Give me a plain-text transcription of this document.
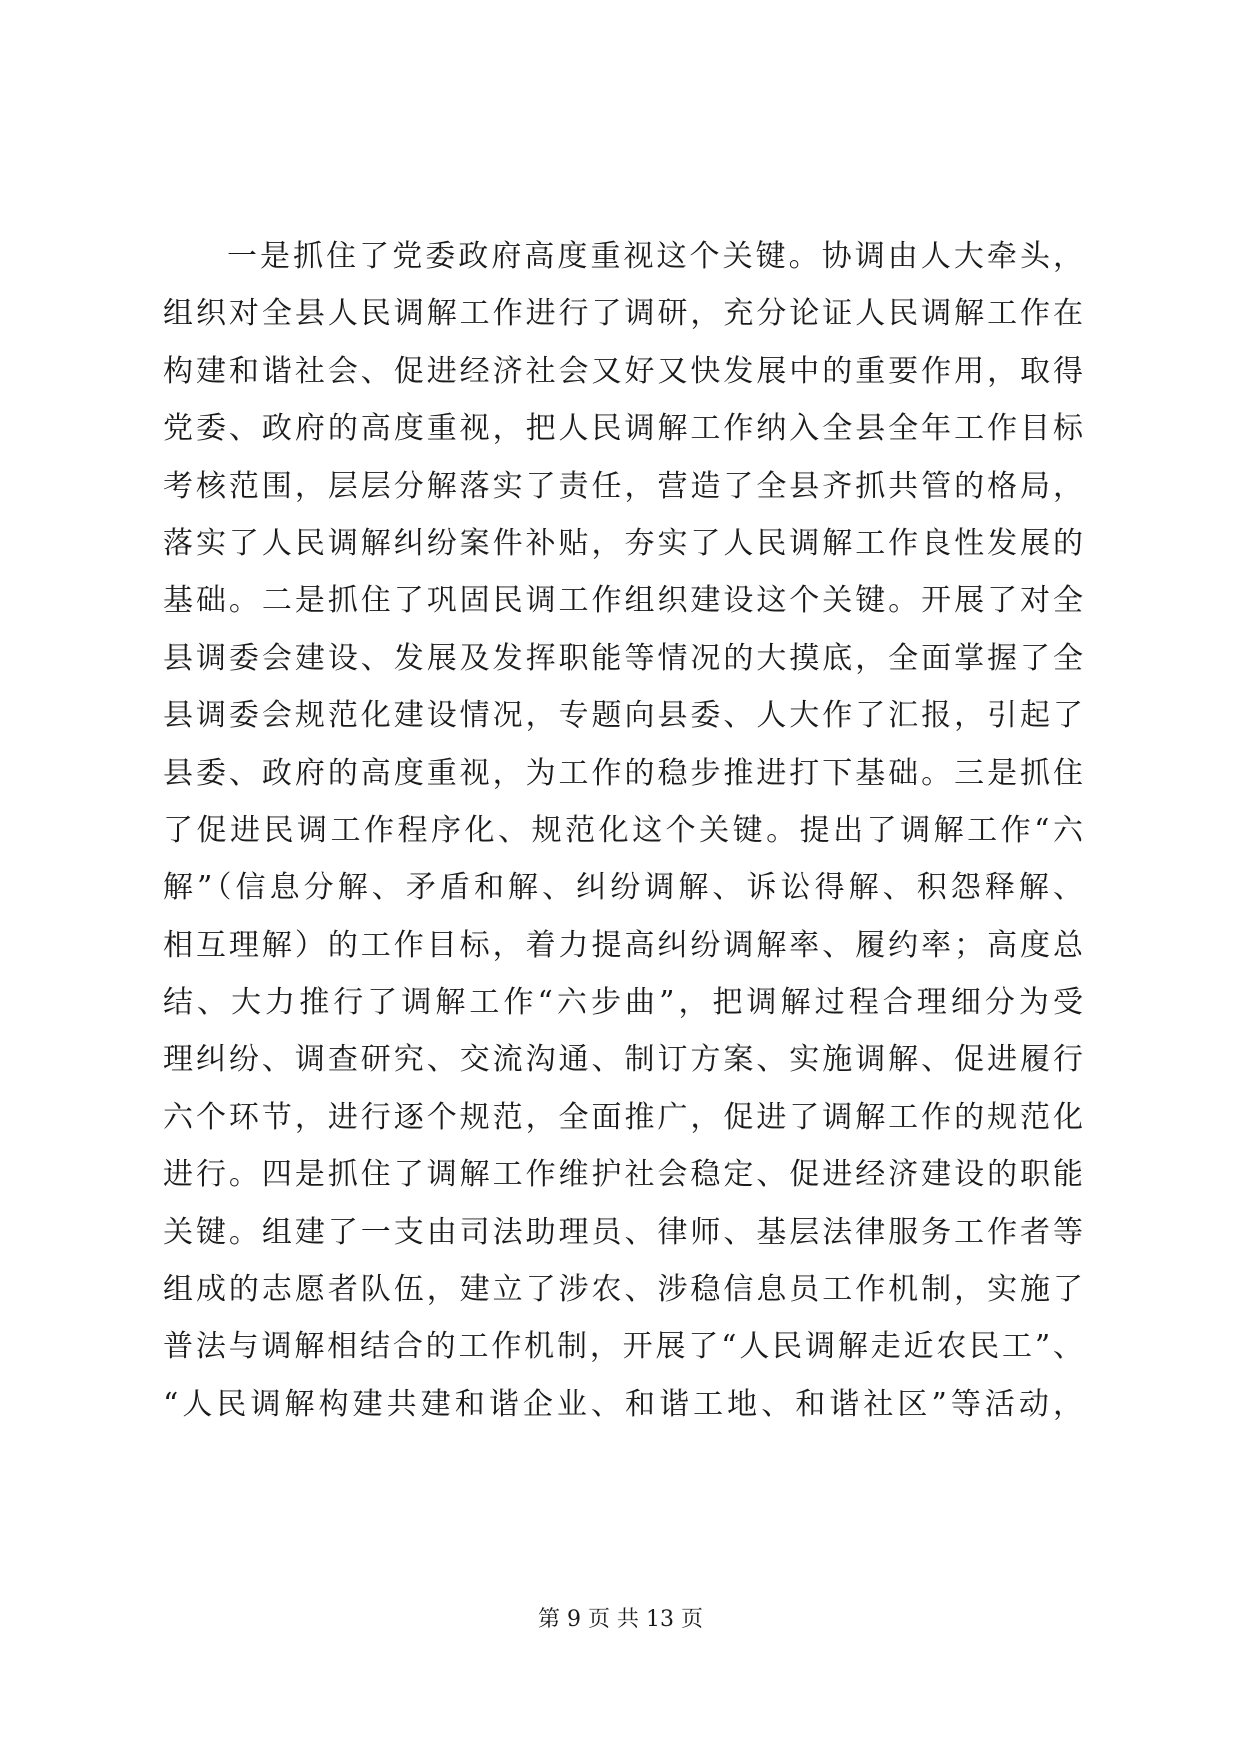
一是抓住了党委政府高度重视这个关键。协调由人大牵头，
组织对全县人民调解工作进行了调研，充分论证人民调解工作在
构建和谐社会、促进经济社会又好又快发展中的重要作用，取得
党委、政府的高度重视，把人民调解工作纳入全县全年工作目标
考核范围，层层分解落实了责任，营造了全县齐抓共管的格局，
落实了人民调解纠纷案件补贴，夯实了人民调解工作良性发展的
基础。二是抓住了巩固民调工作组织建设这个关键。开展了对全
县调委会建设、发展及发挥职能等情况的大摸底，全面掌握了全
县调委会规范化建设情况，专题向县委、人大作了汇报，引起了
县委、政府的高度重视，为工作的稳步推进打下基础。三是抓住
了促进民调工作程序化、规范化这个关键。提出了调解工作“六
解”（信息分解、矛盾和解、纠纷调解、诉讼得解、积怨释解、
相互理解）的工作目标，着力提高纠纷调解率、履约率；高度总
结、大力推行了调解工作“六步曲”，把调解过程合理细分为受
理纠纷、调查研究、交流沟通、制订方案、实施调解、促进履行
六个环节，进行逐个规范，全面推广，促进了调解工作的规范化
进行。四是抓住了调解工作维护社会稳定、促进经济建设的职能
关键。组建了一支由司法助理员、律师、基层法律服务工作者等
组成的志愿者队伍，建立了涉农、涉稳信息员工作机制，实施了
普法与调解相结合的工作机制，开展了“人民调解走近农民工”、
“人民调解构建共建和谐企业、和谐工地、和谐社区”等活动，
第 9 页 共 13 页
